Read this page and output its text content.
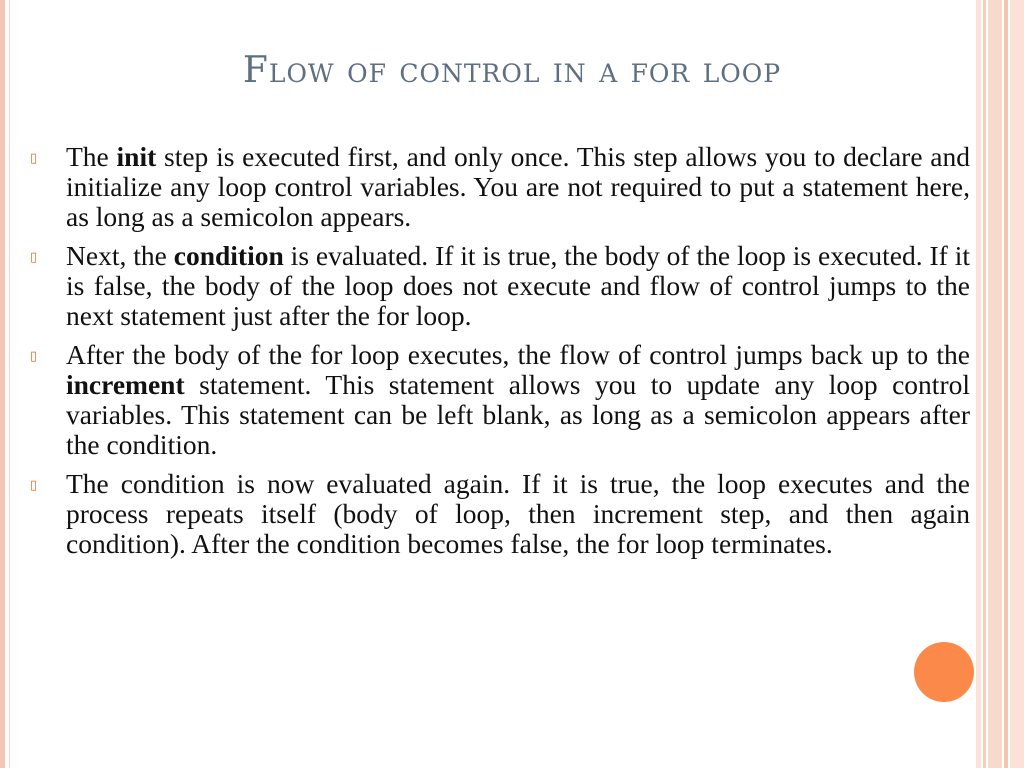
Flow of control in a for loop
▯	The init step is executed first, and only once. This step allows you to declare and initialize any loop control variables. You are not required to put a statement here, as long as a semicolon appears.
▯	Next, the condition is evaluated. If it is true, the body of the loop is executed. If it is false, the body of the loop does not execute and flow of control jumps to the next statement just after the for loop.
▯	After the body of the for loop executes, the flow of control jumps back up to the increment statement. This statement allows you to update any loop control variables. This statement can be left blank, as long as a semicolon appears after the condition.
▯	The condition is now evaluated again. If it is true, the loop executes and the process repeats itself (body of loop, then increment step, and then again condition). After the condition becomes false, the for loop terminates.
